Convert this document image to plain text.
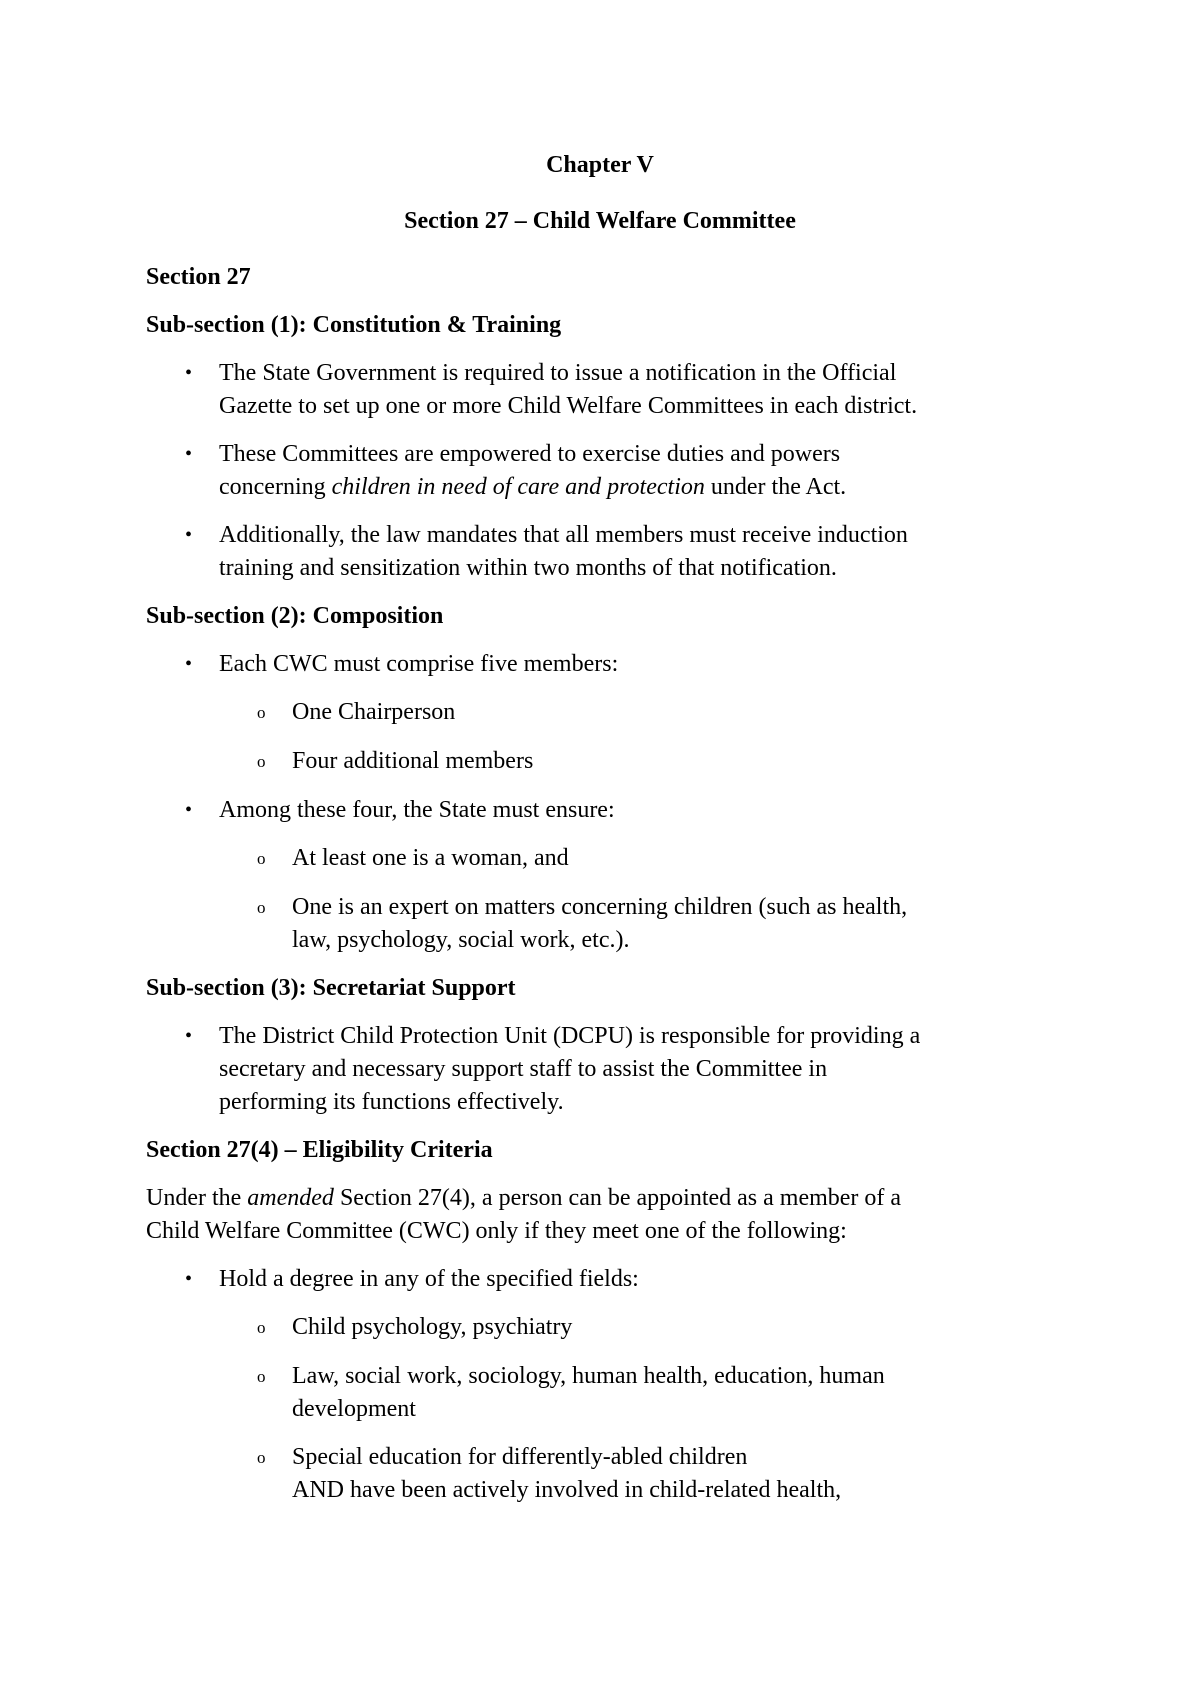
Chapter V
Section 27 – Child Welfare Committee
Section 27
Sub-section (1): Constitution & Training
• The State Government is required to issue a notification in the Official
Gazette to set up one or more Child Welfare Committees in each district.
• These Committees are empowered to exercise duties and powers
concerning children in need of care and protection under the Act.
• Additionally, the law mandates that all members must receive induction
training and sensitization within two months of that notification.
Sub-section (2): Composition
• Each CWC must comprise five members:
o One Chairperson
o Four additional members
• Among these four, the State must ensure:
o At least one is a woman, and
o One is an expert on matters concerning children (such as health,
law, psychology, social work, etc.).
Sub-section (3): Secretariat Support
• The District Child Protection Unit (DCPU) is responsible for providing a
secretary and necessary support staff to assist the Committee in
performing its functions effectively.
Section 27(4) – Eligibility Criteria
Under the amended Section 27(4), a person can be appointed as a member of a
Child Welfare Committee (CWC) only if they meet one of the following:
• Hold a degree in any of the specified fields:
o Child psychology, psychiatry
o Law, social work, sociology, human health, education, human
development
o Special education for differently-abled children
AND have been actively involved in child-related health,
